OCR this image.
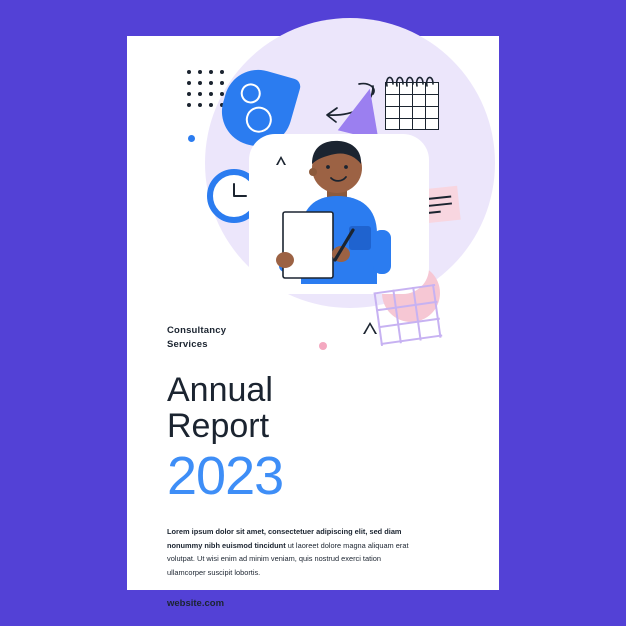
Consultancy
Services
Annual
Report
2023
Lorem ipsum dolor sit amet, consectetuer adipiscing elit, sed diam nonummy nibh euismod tincidunt ut laoreet dolore magna aliquam erat volutpat. Ut wisi enim ad minim veniam, quis nostrud exerci tation ullamcorper suscipit lobortis.
website.com
